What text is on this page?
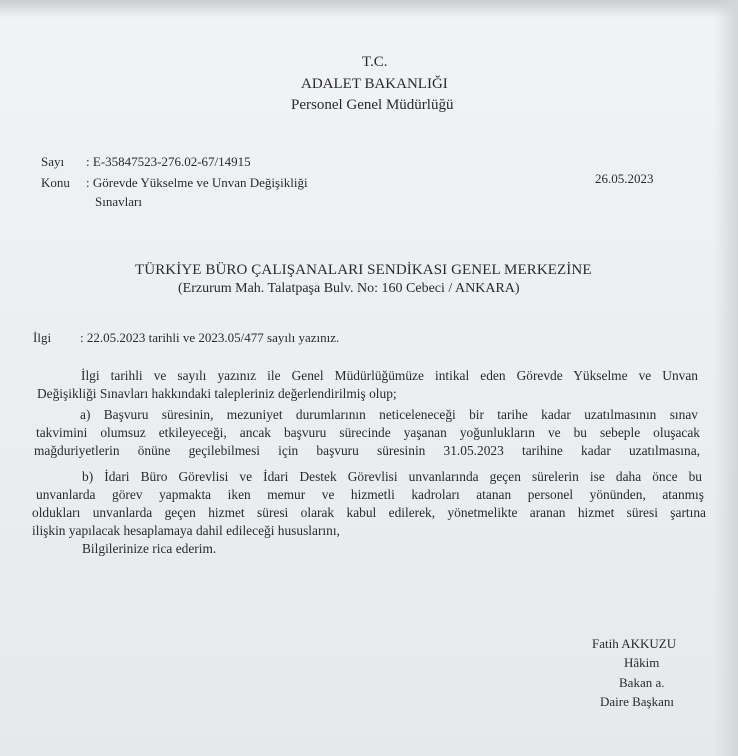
T.C.
ADALET BAKANLIĞI
Personel Genel Müdürlüğü
Sayı : E-35847523-276.02-67/14915
Konu : Görevde Yükselme ve Unvan Değişikliği
Sınavları
26.05.2023
TÜRKİYE BÜRO ÇALIŞANALARI SENDİKASI GENEL MERKEZİNE
(Erzurum Mah. Talatpaşa Bulv. No: 160 Cebeci / ANKARA)
İlgi : 22.05.2023 tarihli ve 2023.05/477 sayılı yazınız.
İlgi tarihli ve sayılı yazınız ile Genel Müdürlüğümüze intikal eden Görevde Yükselme ve Unvan
Değişikliği Sınavları hakkındaki talepleriniz değerlendirilmiş olup;
a) Başvuru süresinin, mezuniyet durumlarının neticeleneceği bir tarihe kadar uzatılmasının sınav
takvimini olumsuz etkileyeceği, ancak başvuru sürecinde yaşanan yoğunlukların ve bu sebeple oluşacak
mağduriyetlerin önüne geçilebilmesi için başvuru süresinin 31.05.2023 tarihine kadar uzatılmasına,
b) İdari Büro Görevlisi ve İdari Destek Görevlisi unvanlarında geçen sürelerin ise daha önce bu
unvanlarda görev yapmakta iken memur ve hizmetli kadroları atanan personel yönünden, atanmış
oldukları unvanlarda geçen hizmet süresi olarak kabul edilerek, yönetmelikte aranan hizmet süresi şartına
ilişkin yapılacak hesaplamaya dahil edileceği hususlarını,
Bilgilerinize rica ederim.
Fatih AKKUZU
Hâkim
Bakan a.
Daire Başkanı
